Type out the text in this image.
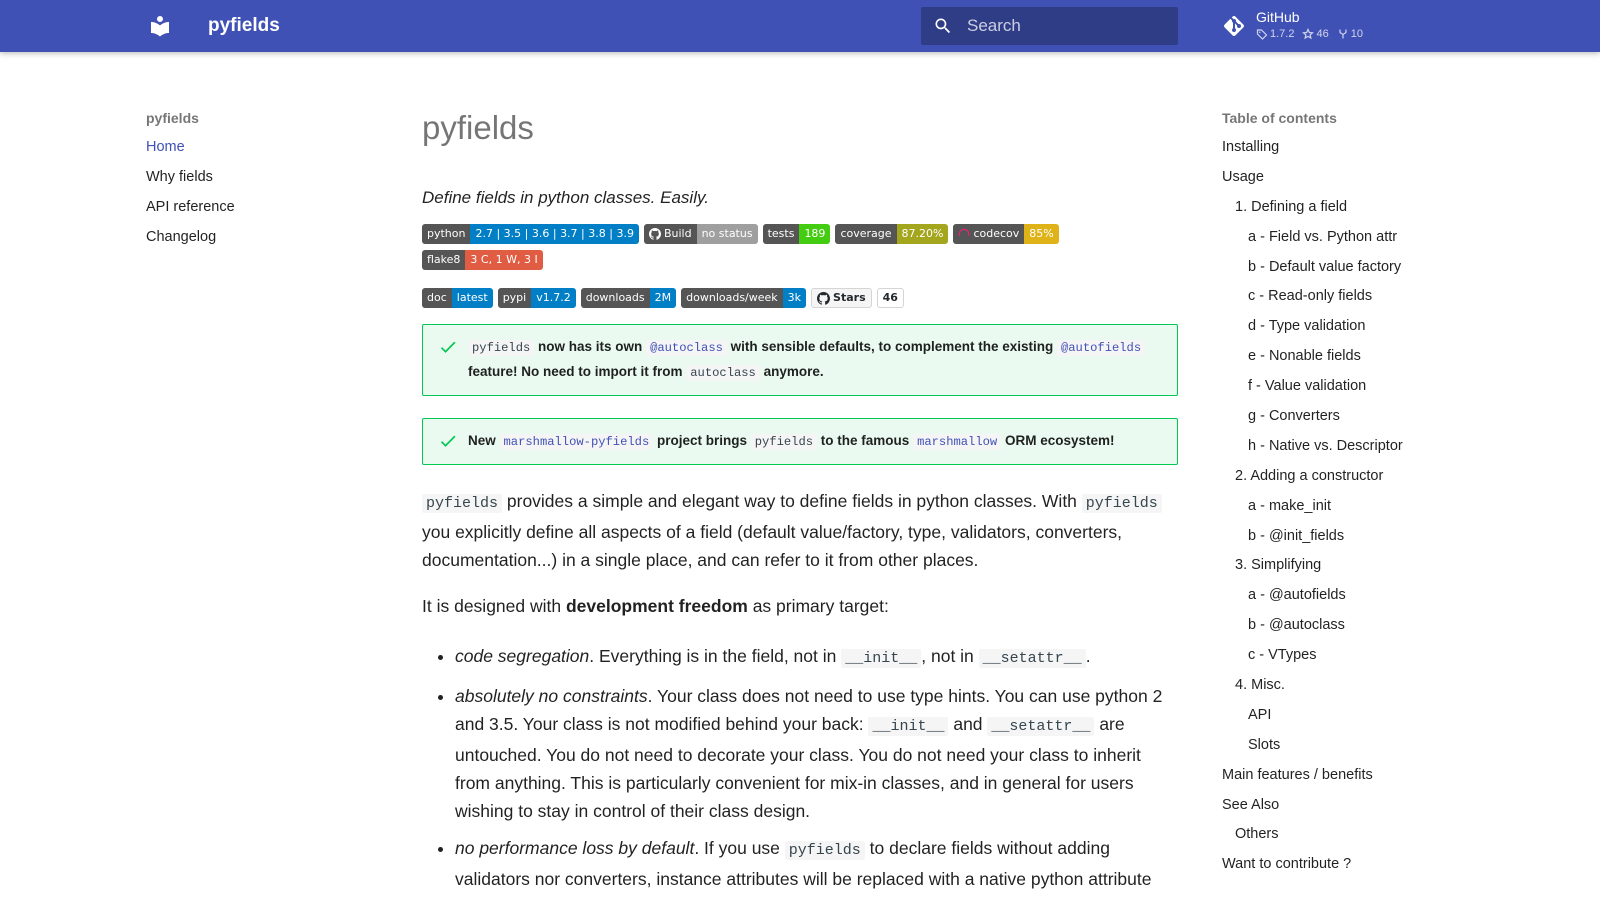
pyfields
Search	GitHub
1.7.2 46 10
pyfields
Home
Why fields
API reference
Changelog
pyfields
Define fields in python classes. Easily.
python 2.7 | 3.5 | 3.6 | 3.7 | 3.8 | 3.9	Build no status	tests 189	coverage 87.20%	codecov 85%
flake8 3 C, 1 W, 3 I
doc latest	pypi v1.7.2	downloads 2M	downloads/week 3k	Stars	46
pyfields now has its own @autoclass with sensible defaults, to complement the existing @autofields feature! No need to import it from autoclass anymore.
New marshmallow-pyfields project brings pyfields to the famous marshmallow ORM ecosystem!

pyfields provides a simple and elegant way to define fields in python classes. With pyfields you explicitly define all aspects of a field (default value/factory, type, validators, converters, documentation...) in a single place, and can refer to it from other places.

It is designed with development freedom as primary target:

• code segregation. Everything is in the field, not in __init__ , not in __setattr__ .
• absolutely no constraints. Your class does not need to use type hints. You can use python 2 and 3.5. Your class is not modified behind your back: __init__ and __setattr__ are untouched. You do not need to decorate your class. You do not need your class to inherit from anything. This is particularly convenient for mix-in classes, and in general for users wishing to stay in control of their class design.
• no performance loss by default. If you use pyfields to declare fields without adding validators nor converters, instance attributes will be replaced with a native python attribute
Table of contents
Installing
Usage
1. Defining a field
a - Field vs. Python attr
b - Default value factory
c - Read-only fields
d - Type validation
e - Nonable fields
f - Value validation
g - Converters
h - Native vs. Descriptor
2. Adding a constructor
a - make_init
b - @init_fields
3. Simplifying
a - @autofields
b - @autoclass
c - VTypes
4. Misc.
API
Slots
Main features / benefits
See Also
Others
Want to contribute ?
